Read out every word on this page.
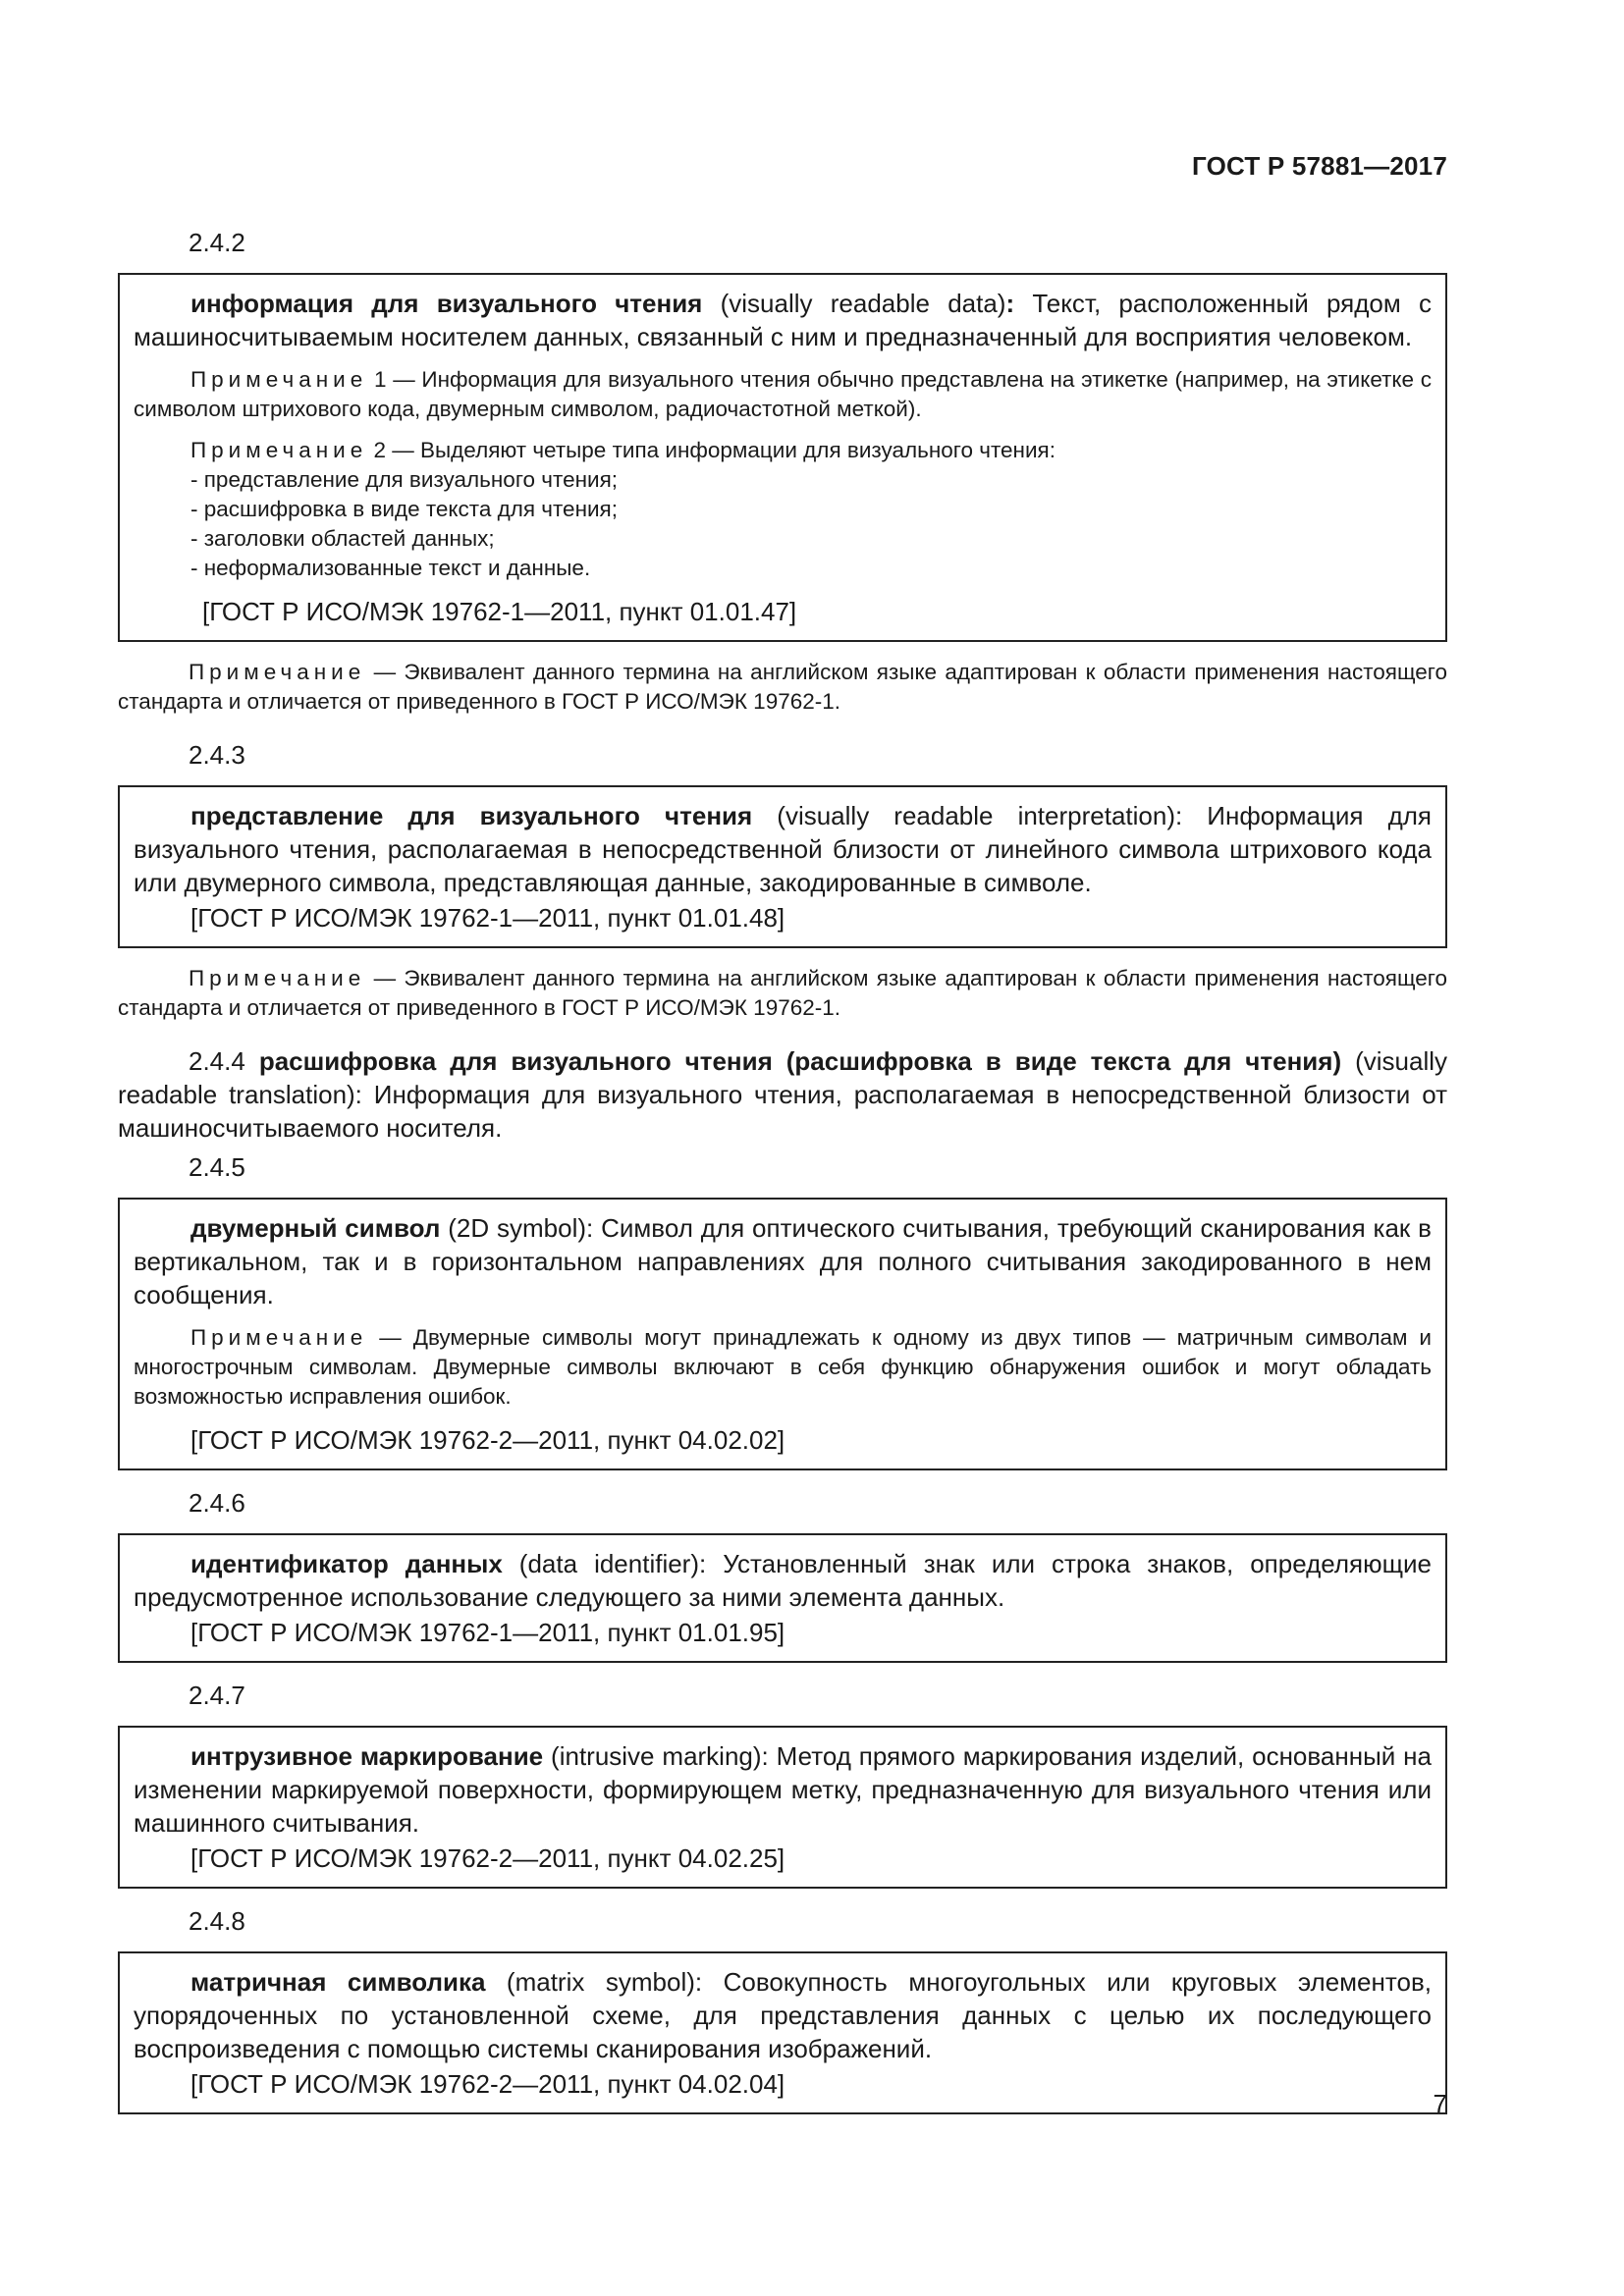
ГОСТ Р 57881—2017
2.4.2

информация для визуального чтения (visually readable data): Текст, расположенный рядом с машиносчитываемым носителем данных, связанный с ним и предназначенный для восприятия человеком.

Примечание 1 — Информация для визуального чтения обычно представлена на этикетке (например, на этикетке с символом штрихового кода, двумерным символом, радиочастотной меткой).

Примечание 2 — Выделяют четыре типа информации для визуального чтения:

- представление для визуального чтения;

- расшифровка в виде текста для чтения;

- заголовки областей данных;

- неформализованные текст и данные.

[ГОСТ Р ИСО/МЭК 19762-1—2011, пункт 01.01.47]

Примечание — Эквивалент данного термина на английском языке адаптирован к области применения настоящего стандарта и отличается от приведенного в ГОСТ Р ИСО/МЭК 19762-1.

2.4.3

представление для визуального чтения (visually readable interpretation): Информация для визуального чтения, располагаемая в непосредственной близости от линейного символа штрихового кода или двумерного символа, представляющая данные, закодированные в символе.

[ГОСТ Р ИСО/МЭК 19762-1—2011, пункт 01.01.48]

Примечание — Эквивалент данного термина на английском языке адаптирован к области применения настоящего стандарта и отличается от приведенного в ГОСТ Р ИСО/МЭК 19762-1.

2.4.4 расшифровка для визуального чтения (расшифровка в виде текста для чтения) (visually readable translation): Информация для визуального чтения, располагаемая в непосредственной близости от машиносчитываемого носителя.

2.4.5

двумерный символ (2D symbol): Символ для оптического считывания, требующий сканирования как в вертикальном, так и в горизонтальном направлениях для полного считывания закодированного в нем сообщения.

Примечание — Двумерные символы могут принадлежать к одному из двух типов — матричным символам и многострочным символам. Двумерные символы включают в себя функцию обнаружения ошибок и могут обладать возможностью исправления ошибок.

[ГОСТ Р ИСО/МЭК 19762-2—2011, пункт 04.02.02]

2.4.6

идентификатор данных (data identifier): Установленный знак или строка знаков, определяющие предусмотренное использование следующего за ними элемента данных.

[ГОСТ Р ИСО/МЭК 19762-1—2011, пункт 01.01.95]

2.4.7

интрузивное маркирование (intrusive marking): Метод прямого маркирования изделий, основанный на изменении маркируемой поверхности, формирующем метку, предназначенную для визуального чтения или машинного считывания.

[ГОСТ Р ИСО/МЭК 19762-2—2011, пункт 04.02.25]

2.4.8

матричная символика (matrix symbol): Совокупность многоугольных или круговых элементов, упорядоченных по установленной схеме, для представления данных с целью их последующего воспроизведения с помощью системы сканирования изображений.

[ГОСТ Р ИСО/МЭК 19762-2—2011, пункт 04.02.04]

7
